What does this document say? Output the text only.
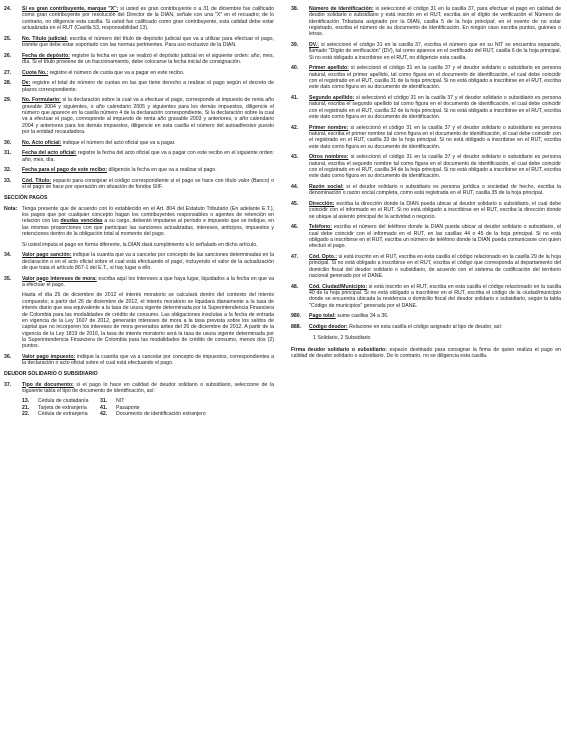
24. Si es gran contribuyente, marque "X": si usted es gran contribuyente o a 31 de diciembre fue calificado como gran contribuyente por resolución del Director de la DIAN, señale con una "X" en el recuadro; de lo contrario, no diligencie esta casilla. Si usted fue calificado como gran contribuyente, esta calidad debe estar actualizada en el RUT (Casilla 53, responsabilidad 13).
25. No. Título judicial: escriba el número del título de depósito judicial que va a utilizar para efectuar el pago, trámite que debe estar soportado con las normas pertinentes. Para uso exclusivo de la DIAN.
26. Fecha de depósito: registre la fecha en que se realizó el depósito judicial en el siguiente orden: año, mes, día. Si el título proviene de un fraccionamiento, debe colocarse la fecha inicial de consignación.
27. Cuota No.: registre el número de cuota que va a pagar en este recibo.
28. De: registre el total de número de cuotas en las que tiene derecho a realizar el pago según el decreto de plazos correspondiente.
29. No. Formulario: si la declaración sobre la cual va a efectuar el pago, corresponde al impuesto de renta año gravable 2004 y siguientes, o año calendario 2005 y siguientes para los demás impuestos, diligencie el número que aparece en la casilla número 4 de la declaración correspondiente. Si la declaración sobre la cual va a efectuar el pago, corresponde al impuesto de renta año gravable 2003 y anteriores, o año calendario 2004 y anteriores para los demás impuestos, diligencie en esta casilla el número del autoadhesivo puesto por la entidad recaudadora.
30. No. Acto oficial: indique el número del acto oficial que va a pagar.
31. Fecha del acto oficial: registre la fecha del acto oficial que va a pagar con este recibo en el siguiente orden: año, mes, día.
32. Fecha para el pago de este recibo: diligencie la fecha en que va a realizar el pago.
33. Cód. Título: espacio para consignar el código correspondiente si el pago se hace con título valor (Banco) o si el pago se hace por operación sin situación de fondos SIIF.
SECCIÓN PAGOS
Nota: Tenga presente que de acuerdo con lo establecido en el Art. 804 del Estatuto Tributario (En adelante E.T.), los pagos que por cualquier concepto hagan los contribuyentes responsables o agentes de retención en relación con las deudas vencidas a su cargo, deberán imputarse al período e impuesto que se indique, en las mismas proporciones con que participan las sanciones actualizadas, intereses, anticipos, impuestos y retenciones dentro de la obligación total al momento del pago.
Si usted imputa el pago en forma diferente, la DIAN dará cumplimiento a lo señalado en dicho artículo.
34. Valor pago sanción: indique la cuantía que va a cancelar por concepto de las sanciones determinadas en la declaración o en el acto oficial sobre el cual está efectuando el pago, incluyendo el valor de la actualización de que trata el artículo 867-1 del E.T., si hay lugar a ello.
35. Valor pago intereses de mora: escriba aquí los intereses a que haya lugar, liquidados a la fecha en que va a efectuar el pago.
Hasta el día 25 de diciembre de 2012 el interés moratorio se calculará dentro del contexto del interés compuesto; a partir del 26 de diciembre de 2012, el interés moratorio se liquidará diariamente a la tasa de interés diario que sea equivalente a la tasa de usura vigente determinada por la Superintendencia Financiera de Colombia para las modalidades de crédito de consumo. Las obligaciones insolutas a la fecha de entrada en vigencia de la Ley 1607 de 2012, generarán intereses de mora a la tasa prevista sobre los saldos de capital que no incorporen los intereses de mora generados antes del 26 de diciembre de 2012. A partir de la vigencia de la Ley 1819 de 2016, la tasa de interés moratorio será la tasa de usura vigente determinada por la Superintendencia Financiera de Colombia para las modalidades de crédito de consumo, menos dos (2) puntos.
36. Valor pago impuesto: indique la cuantía que va a cancelar por concepto de impuestos, correspondientes a la declaración o acto oficial sobre el cual está efectuando el pago.
DEUDOR SOLIDARIO O SUBSIDIARIO
37. Tipo de documento: si el pago lo hace en calidad de deudor solidario o subsidiario, seleccione de la siguiente tabla el tipo de documento de identificación, así:
13.	Cédula de ciudadanía	31.	NIT
21.	Tarjeta de extranjería	41.	Pasaporte
22.	Cédula de extranjería	42.	Documento de identificación extranjero
38. Número de Identificación: si seleccionó el código 31 en la casilla 37, para efectuar el pago en calidad de deudor solidario o subsidiario y está inscrito en el RUT, escriba sin el dígito de verificación el Número de identificación Tributaria asignado por la DIAN, casilla 5 de la hoja principal; en el evento de no estar registrado, escriba el número de su documento de identificación. En ningún caso escriba puntos, guiones o letras.
39. DV.: si seleccionó el código 31 en la casilla 37, escriba el número que en su NIT se encuentra separado, llamado "Dígito de verificación" (DV), tal como aparece en el certificado del RUT, casilla 6 de la hoja principal. Si no está obligado a inscribirse en el RUT, no diligencie esta casilla.
40. Primer apellido: si seleccionó el código 31 en la casilla 37 y el deudor solidario o subsidiario es persona natural, escriba el primer apellido, tal como figura en el documento de identificación, el cual debe coincidir con el registrado en el RUT, casilla 31 de la hoja principal. Si no está obligado a inscribirse en el RUT, escriba este dato como figura en su documento de identificación.
41. Segundo apellido: si seleccionó el código 31 en la casilla 37 y el deudor solidario o subsidiario es persona natural, escriba el segundo apellido tal como figura en el documento de identificación, el cual debe coincidir con el registrado en el RUT, casilla 32 de la hoja principal. Si no está obligado a inscribirse en el RUT, escriba este dato como figura en su documento de identificación.
42. Primer nombre: si seleccionó el código 31 en la casilla 37 y el deudor solidario o subsidiario es persona natural, escriba el primer nombre tal como figura en el documento de identificación, el cual debe coincidir con el registrado en el RUT, casilla 33 de la hoja principal. Si no está obligado a inscribirse en el RUT, escriba este dato como figura en su documento de identificación.
43. Otros nombres: si seleccionó el código 31 en la casilla 37 y el deudor solidario o subsidiario es persona natural, escriba el segundo nombre tal como figura en el documento de identificación, el cual debe coincidir con el registrado en el RUT, casilla 34 de la hoja principal. Si no está obligado a inscribirse en el RUT, escriba este dato como figura en su documento de identificación.
44. Razón social: si el deudor solidario o subsidiario es persona jurídica o sociedad de hecho, escriba la denominación o razón social completa, como está registrada en el RUT, casilla 35 de la hoja principal.
45. Dirección: escriba la dirección donde la DIAN pueda ubicar al deudor solidario o subsidiario, el cual debe coincidir con el informado en el RUT. Si no está obligado a inscribirse en el RUT, escriba la dirección donde se ubique al asiento principal de la actividad o negocio.
46. Teléfono: escriba el número del teléfono donde la DIAN pueda ubicar al deudor solidario o subsidiario, el cual debe coincidir con el informado en el RUT, en las casillas 44 o 45 de la hoja principal. Si no está obligado a inscribirse en el RUT, escriba un número de teléfono donde la DIAN pueda comunicarse con quien efectuó el pago.
47. Cód. Dpto.: si está inscrito en el RUT, escriba en esta casilla el código relacionado en la casilla 29 de la hoja principal. Si no está obligado a inscribirse en el RUT, escriba el código que corresponda al departamento del domicilio fiscal del deudor solidario o subsidiario, de acuerdo con el sistema de codificación del territorio nacional generado por el DANE.
48. Cód. Ciudad/Municipio: si está inscrito en el RUT, escriba en esta casilla el código relacionado en la casilla 40 de la hoja principal. Si no está obligado a inscribirse en el RUT, escriba el código de la ciudad/municipio donde se encuentra ubicada la residencia o domicilio fiscal del deudor solidario o subsidiario, según la tabla "Código de municipios" generada por el DANE.
980. Pago total: sume casillas 34 a 36.
888. Código deudor: Relacione en esta casilla el código asignado al tipo de deudor, así:
1 Solidario, 2 Subsidiario
Firma deudor solidario o subsidiario: espacio destinado para consignar la firma de quien realiza el pago en calidad de deudor solidario o subsidiario. De lo contrario, no se diligencia esta casilla.
